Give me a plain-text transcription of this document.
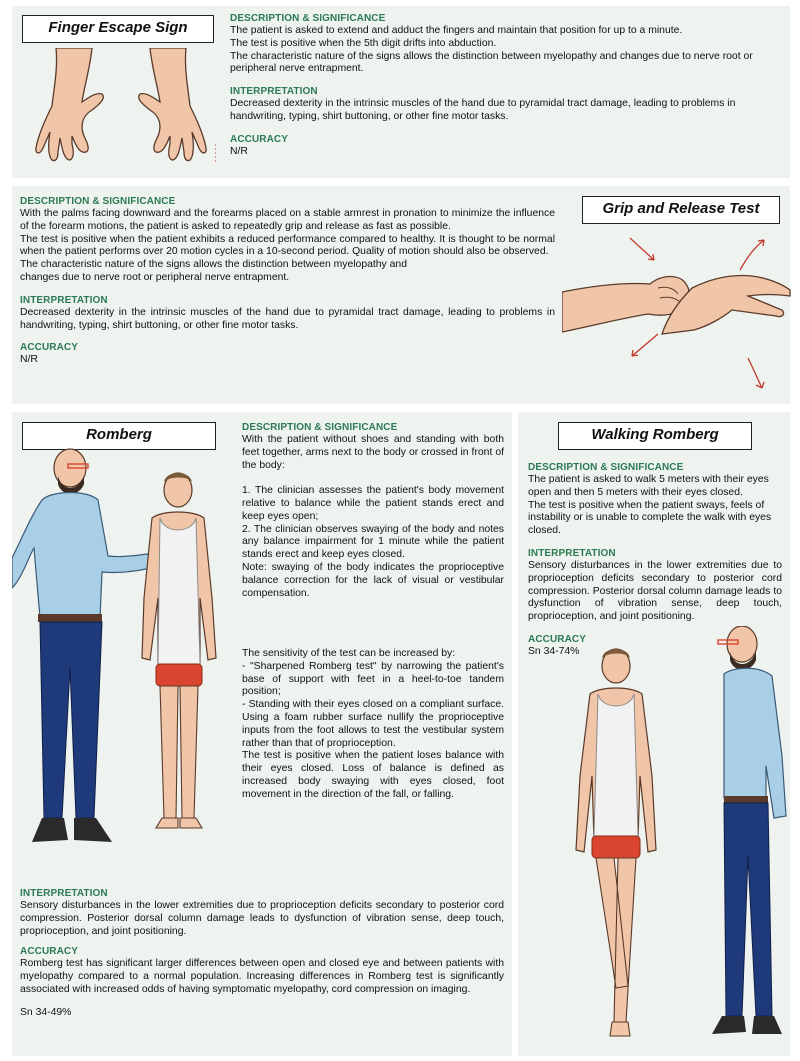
Finger Escape Sign

DESCRIPTION & SIGNIFICANCE

The patient is asked to extend and adduct the fingers and maintain that position for up to a minute.
The test is positive when the 5th digit drifts into abduction.
The characteristic nature of the signs allows the distinction between myelopathy and changes due to nerve root or peripheral nerve entrapment.

INTERPRETATION

Decreased dexterity in the intrinsic muscles of the hand due to pyramidal tract damage, leading to problems in handwriting, typing, shirt buttoning, or other fine motor tasks.

ACCURACY

N/R

DESCRIPTION & SIGNIFICANCE

With the palms facing downward and the forearms placed on a stable armrest in pronation to minimize the influence of the forearm motions, the patient is asked to repeatedly grip and release as fast as possible.
The test is positive when the patient exhibits a reduced performance compared to healthy. It is thought to be normal when the patient performs over 20 motion cycles in a 10-second period. Quality of motion should also be observed.
The characteristic nature of the signs allows the distinction between myelopathy and
changes due to nerve root or peripheral nerve entrapment.

INTERPRETATION

Decreased dexterity in the intrinsic muscles of the hand due to pyramidal tract damage, leading to problems in handwriting, typing, shirt buttoning, or other fine motor tasks.

ACCURACY

N/R

Grip and Release Test
Romberg	DESCRIPTION & SIGNIFICANCE

With the patient without shoes and standing with both feet together, arms next to the body or crossed in front of the body:

1. The clinician assesses the patient's body movement relative to balance while the patient stands erect and keep eyes open;
2. The clinician observes swaying of the body and notes any balance impairment for 1 minute while the patient stands erect and keep eyes closed.
Note: swaying of the body indicates the proprioceptive balance correction for the lack of visual or vestibular compensation.

The sensitivity of the test can be increased by:
- "Sharpened Romberg test" by narrowing the patient's base of support with feet in a heel-to-toe tandem position;
- Standing with their eyes closed on a compliant surface. Using a foam rubber surface nullify the proprioceptive inputs from the foot allows to test the vestibular system rather than that of proprioception.
The test is positive when the patient loses balance with their eyes closed. Loss of balance is defined as increased body swaying with eyes closed, foot movement in the direction of the fall, or falling.

INTERPRETATION

Sensory disturbances in the lower extremities due to proprioception deficits secondary to posterior cord compression. Posterior dorsal column damage leads to dysfunction of vibration sense, deep touch, proprioception, and joint positioning.

ACCURACY

Romberg test has significant larger differences between open and closed eye and between patients with myelopathy compared to a normal population. Increasing differences in Romberg test is significantly associated with increased odds of having symptomatic myelopathy, cord compression on imaging.

Sn 34-49%

Walking Romberg

DESCRIPTION & SIGNIFICANCE

The patient is asked to walk 5 meters with their eyes open and then 5 meters with their eyes closed.
The test is positive when the patient sways, feels of instability or is unable to complete the walk with eyes closed.

INTERPRETATION

Sensory disturbances in the lower extremities due to proprioception deficits secondary to posterior cord compression. Posterior dorsal column damage leads to dysfunction of vibration sense, deep touch, proprioception, and joint positioning.

ACCURACY

Sn 34-74%
